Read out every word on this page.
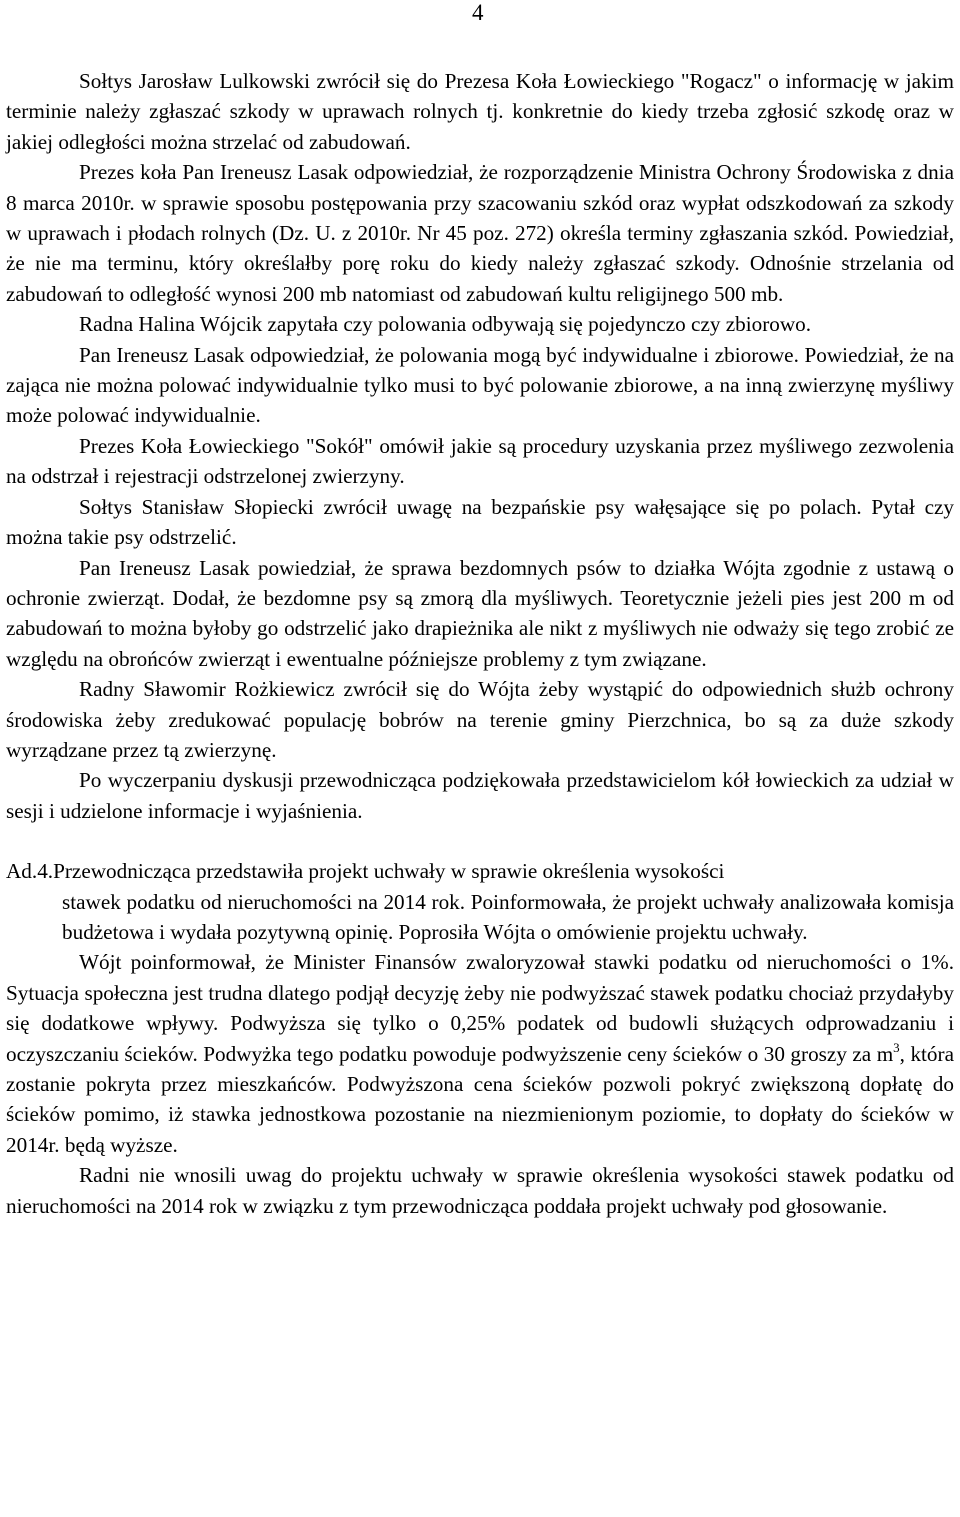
4

Sołtys Jarosław Lulkowski zwrócił się do Prezesa Koła Łowieckiego "Rogacz" o informację w jakim terminie należy zgłaszać szkody w uprawach rolnych tj. konkretnie do kiedy trzeba zgłosić szkodę oraz w jakiej odległości można strzelać od zabudowań.

Prezes koła Pan Ireneusz Lasak odpowiedział, że rozporządzenie Ministra Ochrony Środowiska z dnia 8 marca 2010r. w sprawie sposobu postępowania przy szacowaniu szkód oraz wypłat odszkodowań za szkody w uprawach i płodach rolnych (Dz. U. z 2010r. Nr 45 poz. 272) określa terminy zgłaszania szkód. Powiedział, że nie ma terminu, który określałby porę roku do kiedy należy zgłaszać szkody. Odnośnie strzelania od zabudowań to odległość wynosi 200 mb natomiast od zabudowań kultu religijnego 500 mb.

Radna Halina Wójcik zapytała czy polowania odbywają się pojedynczo czy zbiorowo.

Pan Ireneusz Lasak odpowiedział, że polowania mogą być indywidualne i zbiorowe. Powiedział, że na zająca nie można polować indywidualnie tylko musi to być polowanie zbiorowe, a na inną zwierzynę myśliwy może polować indywidualnie.

Prezes Koła Łowieckiego "Sokół" omówił jakie są procedury uzyskania przez myśliwego zezwolenia na odstrzał i rejestracji odstrzelonej zwierzyny.

Sołtys Stanisław Słopiecki zwrócił uwagę na bezpańskie psy wałęsające się po polach. Pytał czy można takie psy odstrzelić.

Pan Ireneusz Lasak powiedział, że sprawa bezdomnych psów to działka Wójta zgodnie z ustawą o ochronie zwierząt. Dodał, że bezdomne psy są zmorą dla myśliwych. Teoretycznie jeżeli pies jest 200 m od zabudowań to można byłoby go odstrzelić jako drapieżnika ale nikt z myśliwych nie odważy się tego zrobić ze względu na obrońców zwierząt i ewentualne późniejsze problemy z tym związane.

Radny Sławomir Rożkiewicz zwrócił się do Wójta żeby wystąpić do odpowiednich służb ochrony środowiska żeby zredukować populację bobrów na terenie gminy Pierzchnica, bo są za duże szkody wyrządzane przez tą zwierzynę.

Po wyczerpaniu dyskusji przewodnicząca podziękowała przedstawicielom kół łowieckich za udział w sesji i udzielone informacje i wyjaśnienia.

Ad.4.Przewodnicząca przedstawiła projekt uchwały w sprawie określenia wysokości
stawek podatku od nieruchomości na 2014 rok. Poinformowała, że projekt uchwały analizowała komisja budżetowa i wydała pozytywną opinię. Poprosiła Wójta o omówienie projektu uchwały.

Wójt poinformował, że Minister Finansów zwaloryzował stawki podatku od nieruchomości o 1%. Sytuacja społeczna jest trudna dlatego podjął decyzję żeby nie podwyższać stawek podatku chociaż przydałyby się dodatkowe wpływy. Podwyższa się tylko o 0,25% podatek od budowli służących odprowadzaniu i oczyszczaniu ścieków. Podwyżka tego podatku powoduje podwyższenie ceny ścieków o 30 groszy za $m^3$, która zostanie pokryta przez mieszkańców. Podwyższona cena ścieków pozwoli pokryć zwiększoną dopłatę do ścieków pomimo, iż stawka jednostkowa pozostanie na niezmienionym poziomie, to dopłaty do ścieków w 2014r. będą wyższe.

Radni nie wnosili uwag do projektu uchwały w sprawie określenia wysokości stawek podatku od nieruchomości na 2014 rok w związku z tym przewodnicząca poddała projekt uchwały pod głosowanie.
